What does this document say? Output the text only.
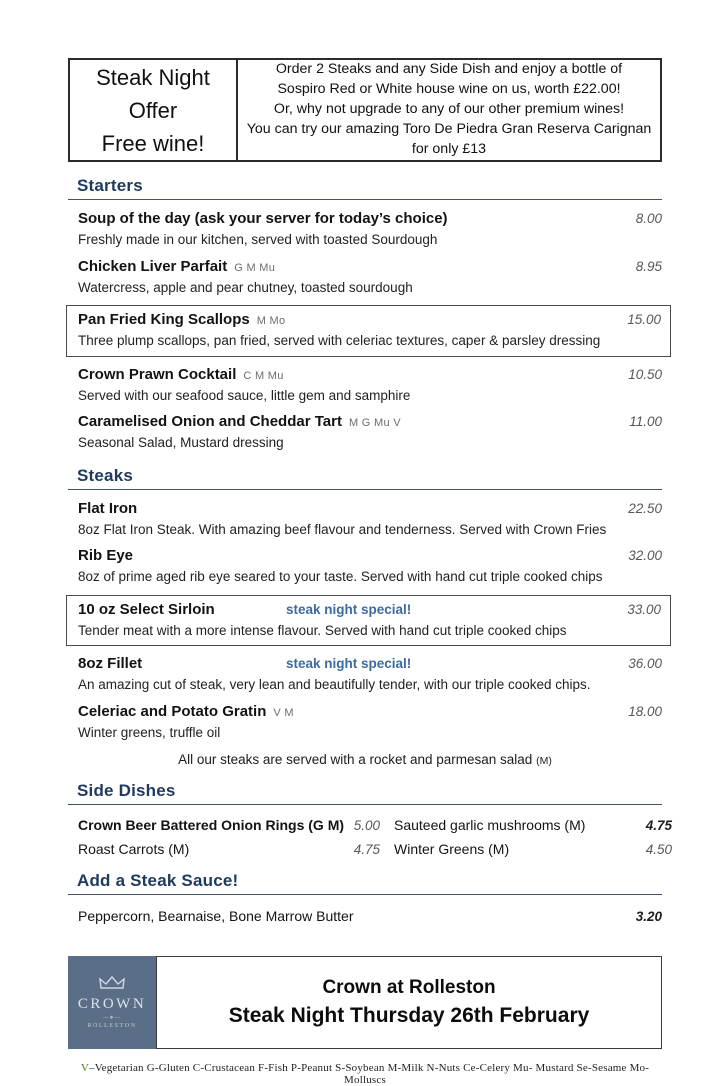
Steak Night
Offer
Free wine!
Order 2 Steaks and any Side Dish and enjoy a bottle of
Sospiro Red or White house wine on us, worth £22.00!
Or, why not upgrade to any of our other premium wines!
You can try our amazing Toro De Piedra Gran Reserva Carignan
for only £13
Starters
Soup of the day (ask your server for today’s choice)	8.00
Freshly made in our kitchen, served with toasted Sourdough
Chicken Liver Parfait G M Mu	8.95
Watercress, apple and pear chutney, toasted sourdough
Pan Fried King Scallops M Mo	15.00
Three plump scallops, pan fried, served with celeriac textures, caper & parsley dressing
Crown Prawn Cocktail C M Mu	10.50
Served with our seafood sauce, little gem and samphire
Caramelised Onion and Cheddar Tart M G Mu V	11.00
Seasonal Salad, Mustard dressing
Steaks
Flat Iron	22.50
8oz Flat Iron Steak. With amazing beef flavour and tenderness. Served with Crown Fries
Rib Eye	32.00
8oz of prime aged rib eye seared to your taste. Served with hand cut triple cooked chips
10 oz Select Sirloin	steak night special!	33.00
Tender meat with a more intense flavour. Served with hand cut triple cooked chips
8oz Fillet	steak night special!	36.00
An amazing cut of steak, very lean and beautifully tender, with our triple cooked chips.
Celeriac and Potato Gratin V M	18.00
Winter greens, truffle oil
All our steaks are served with a rocket and parmesan salad (M)
Side Dishes
Crown Beer Battered Onion Rings (G M) 5.00 Sauteed garlic mushrooms (M)	4.75
Roast Carrots (M)	4.75 Winter Greens (M)	4.50
Add a Steak Sauce!
Peppercorn, Bearnaise, Bone Marrow Butter	3.20
CROWN
—❖—
ROLLESTON
Crown at Rolleston
Steak Night Thursday 26th February
V–Vegetarian G-Gluten C-Crustacean F-Fish P-Peanut S-Soybean M-Milk N-Nuts Ce-Celery Mu- Mustard Se-Sesame Mo-Molluscs
